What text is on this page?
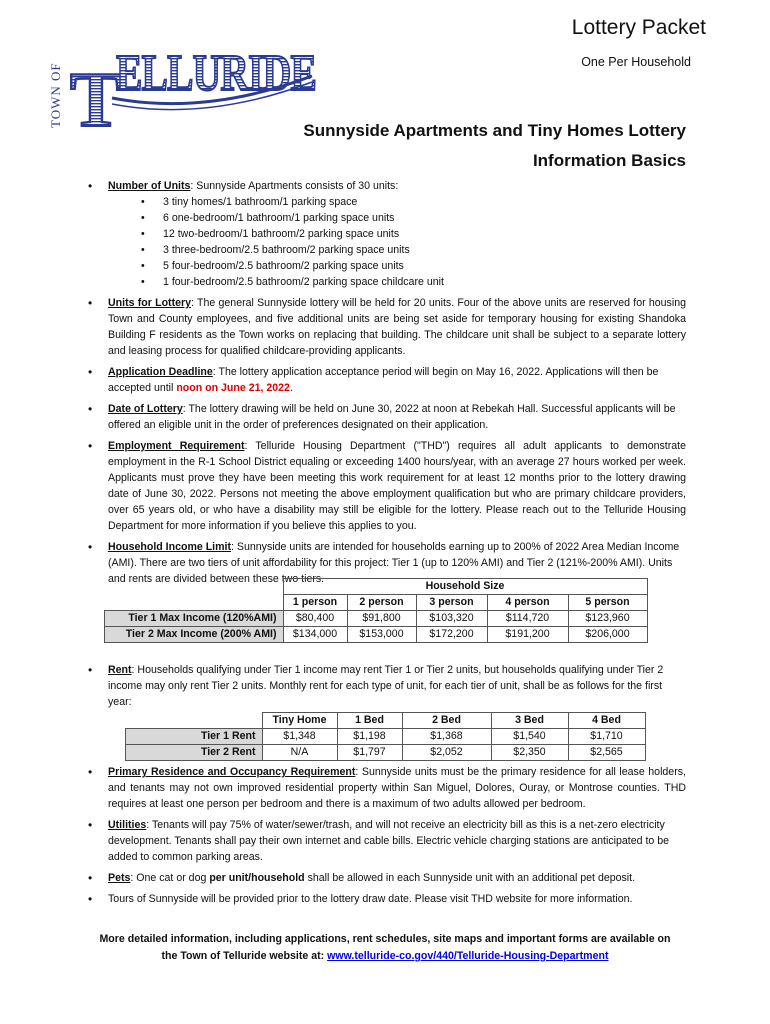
TOWN OF T
ELLURIDE
Lottery Packet
One Per Household
Sunnyside Apartments and Tiny Homes Lottery
Information Basics
• Number of Units: Sunnyside Apartments consists of 30 units:
• 3 tiny homes/1 bathroom/1 parking space
• 6 one-bedroom/1 bathroom/1 parking space units
• 12 two-bedroom/1 bathroom/2 parking space units
• 3 three-bedroom/2.5 bathroom/2 parking space units
• 5 four-bedroom/2.5 bathroom/2 parking space units
• 1 four-bedroom/2.5 bathroom/2 parking space childcare unit
• Units for Lottery: The general Sunnyside lottery will be held for 20 units. Four of the above units are reserved for housing Town and County employees, and five additional units are being set aside for temporary housing for existing Shandoka Building F residents as the Town works on replacing that building. The childcare unit shall be subject to a separate lottery and leasing process for qualified childcare-providing applicants.
• Application Deadline: The lottery application acceptance period will begin on May 16, 2022. Applications will then be accepted until noon on June 21, 2022.
• Date of Lottery: The lottery drawing will be held on June 30, 2022 at noon at Rebekah Hall. Successful applicants will be offered an eligible unit in the order of preferences designated on their application.
• Employment Requirement: Telluride Housing Department ("THD") requires all adult applicants to demonstrate employment in the R-1 School District equaling or exceeding 1400 hours/year, with an average 27 hours worked per week. Applicants must prove they have been meeting this work requirement for at least 12 months prior to the lottery drawing date of June 30, 2022. Persons not meeting the above employment qualification but who are primary childcare providers, over 65 years old, or who have a disability may still be eligible for the lottery. Please reach out to the Telluride Housing Department for more information if you believe this applies to you.
• Household Income Limit: Sunnyside units are intended for households earning up to 200% of 2022 Area Median Income (AMI). There are two tiers of unit affordability for this project: Tier 1 (up to 120% AMI) and Tier 2 (121%-200% AMI). Units and rents are divided between these two tiers.
	Household Size				
	1 person	2 person	3 person	4 person	5 person
Tier 1 Max Income (120%AMI)	$80,400	$91,800	$103,320	$114,720	$123,960
Tier 2 Max Income (200% AMI)	$134,000	$153,000	$172,200	$191,200	$206,000
• Rent: Households qualifying under Tier 1 income may rent Tier 1 or Tier 2 units, but households qualifying under Tier 2 income may only rent Tier 2 units. Monthly rent for each type of unit, for each tier of unit, shall be as follows for the first year:
	Tiny Home	1 Bed	2 Bed	3 Bed	4 Bed
Tier 1 Rent	$1,348	$1,198	$1,368	$1,540	$1,710
Tier 2 Rent	N/A	$1,797	$2,052	$2,350	$2,565
• Primary Residence and Occupancy Requirement: Sunnyside units must be the primary residence for all lease holders, and tenants may not own improved residential property within San Miguel, Dolores, Ouray, or Montrose counties. THD requires at least one person per bedroom and there is a maximum of two adults allowed per bedroom.
• Utilities: Tenants will pay 75% of water/sewer/trash, and will not receive an electricity bill as this is a net-zero electricity development. Tenants shall pay their own internet and cable bills. Electric vehicle charging stations are anticipated to be added to common parking areas.
• Pets: One cat or dog per unit/household shall be allowed in each Sunnyside unit with an additional pet deposit.
• Tours of Sunnyside will be provided prior to the lottery draw date. Please visit THD website for more information.
More detailed information, including applications, rent schedules, site maps and important forms are available on
the Town of Telluride website at: www.telluride-co.gov/440/Telluride-Housing-Department
